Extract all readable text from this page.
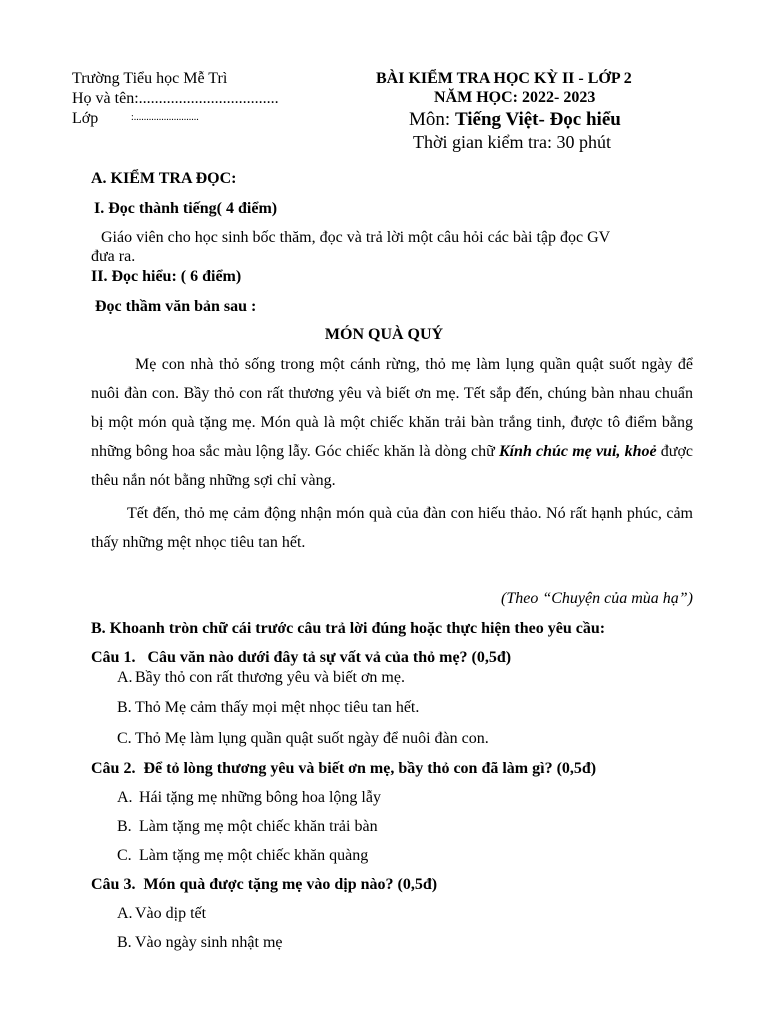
Trường Tiểu học Mễ Trì
Họ và tên:...................................
Lớp	:..........................
BÀI KIỂM TRA HỌC KỲ II - LỚP 2
NĂM HỌC: 2022- 2023
Môn: Tiếng Việt- Đọc hiểu
Thời gian kiểm tra: 30 phút
A. KIỂM TRA ĐỌC:
I. Đọc thành tiếng( 4 điểm)
Giáo viên cho học sinh bốc thăm, đọc và trả lời một câu hỏi các bài tập đọc GV
đưa ra.
II. Đọc hiểu: ( 6 điểm)
Đọc thầm văn bản sau :
MÓN QUÀ QUÝ

Mẹ con nhà thỏ sống trong một cánh rừng, thỏ mẹ làm lụng quần quật suốt ngày để nuôi đàn con. Bầy thỏ con rất thương yêu và biết ơn mẹ. Tết sắp đến, chúng bàn nhau chuẩn bị một món quà tặng mẹ. Món quà là một chiếc khăn trải bàn trắng tinh, được tô điểm bằng những bông hoa sắc màu lộng lẫy. Góc chiếc khăn là dòng chữ Kính chúc mẹ vui, khoẻ được thêu nắn nót bằng những sợi chỉ vàng.

Tết đến, thỏ mẹ cảm động nhận món quà của đàn con hiếu thảo. Nó rất hạnh phúc, cảm thấy những mệt nhọc tiêu tan hết.

(Theo “Chuyện của mùa hạ”)
B. Khoanh tròn chữ cái trước câu trả lời đúng hoặc thực hiện theo yêu cầu:
Câu 1. Câu văn nào dưới đây tả sự vất vả của thỏ mẹ? (0,5đ)
A. Bầy thỏ con rất thương yêu và biết ơn mẹ.
B. Thỏ Mẹ cảm thấy mọi mệt nhọc tiêu tan hết.
C. Thỏ Mẹ làm lụng quần quật suốt ngày để nuôi đàn con.
Câu 2. Để tỏ lòng thương yêu và biết ơn mẹ, bầy thỏ con đã làm gì? (0,5đ)
A. Hái tặng mẹ những bông hoa lộng lẫy
B. Làm tặng mẹ một chiếc khăn trải bàn
C. Làm tặng mẹ một chiếc khăn quàng
Câu 3. Món quà được tặng mẹ vào dịp nào? (0,5đ)
A. Vào dịp tết
B. Vào ngày sinh nhật mẹ
